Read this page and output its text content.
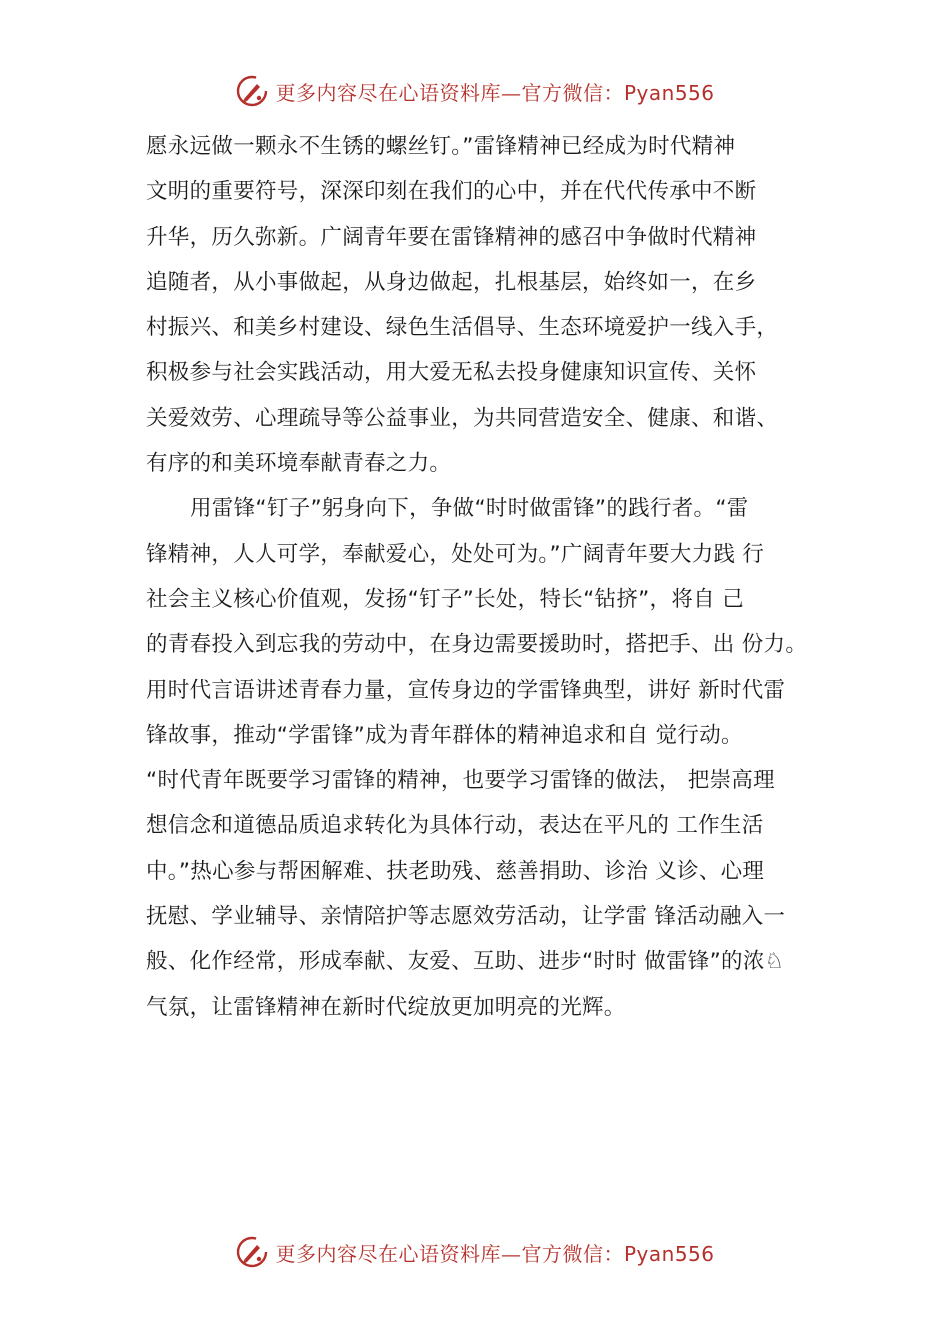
更多内容尽在心语资料库—官方微信：Pyan556
愿永远做一颗永不生锈的螺丝钉。”雷锋精神已经成为时代精神
文明的重要符号，深深印刻在我们的心中，并在代代传承中不断
升华，历久弥新。广阔青年要在雷锋精神的感召中争做时代精神
追随者，从小事做起，从身边做起，扎根基层，始终如一，在乡
村振兴、和美乡村建设、绿色生活倡导、生态环境爱护一线入手，
积极参与社会实践活动，用大爱无私去投身健康知识宣传、关怀
关爱效劳、心理疏导等公益事业，为共同营造安全、健康、和谐、
有序的和美环境奉献青春之力。
用雷锋“钉子”躬身向下，争做“时时做雷锋”的践行者。“雷
锋精神，人人可学，奉献爱心，处处可为。”广阔青年要大力践 行
社会主义核心价值观，发扬“钉子”长处，特长“钻挤”，将自 己
的青春投入到忘我的劳动中，在身边需要援助时，搭把手、出 份力。
用时代言语讲述青春力量，宣传身边的学雷锋典型，讲好 新时代雷
锋故事，推动“学雷锋”成为青年群体的精神追求和自 觉行动。
“时代青年既要学习雷锋的精神，也要学习雷锋的做法， 把崇高理
想信念和道德品质追求转化为具体行动，表达在平凡的 工作生活
中。”热心参与帮困解难、扶老助残、慈善捐助、诊治 义诊、心理
抚慰、学业辅导、亲情陪护等志愿效劳活动，让学雷 锋活动融入一
般、化作经常，形成奉献、友爱、互助、进步“时时 做雷锋”的浓♘
气氛，让雷锋精神在新时代绽放更加明亮的光辉。
更多内容尽在心语资料库—官方微信：Pyan556
